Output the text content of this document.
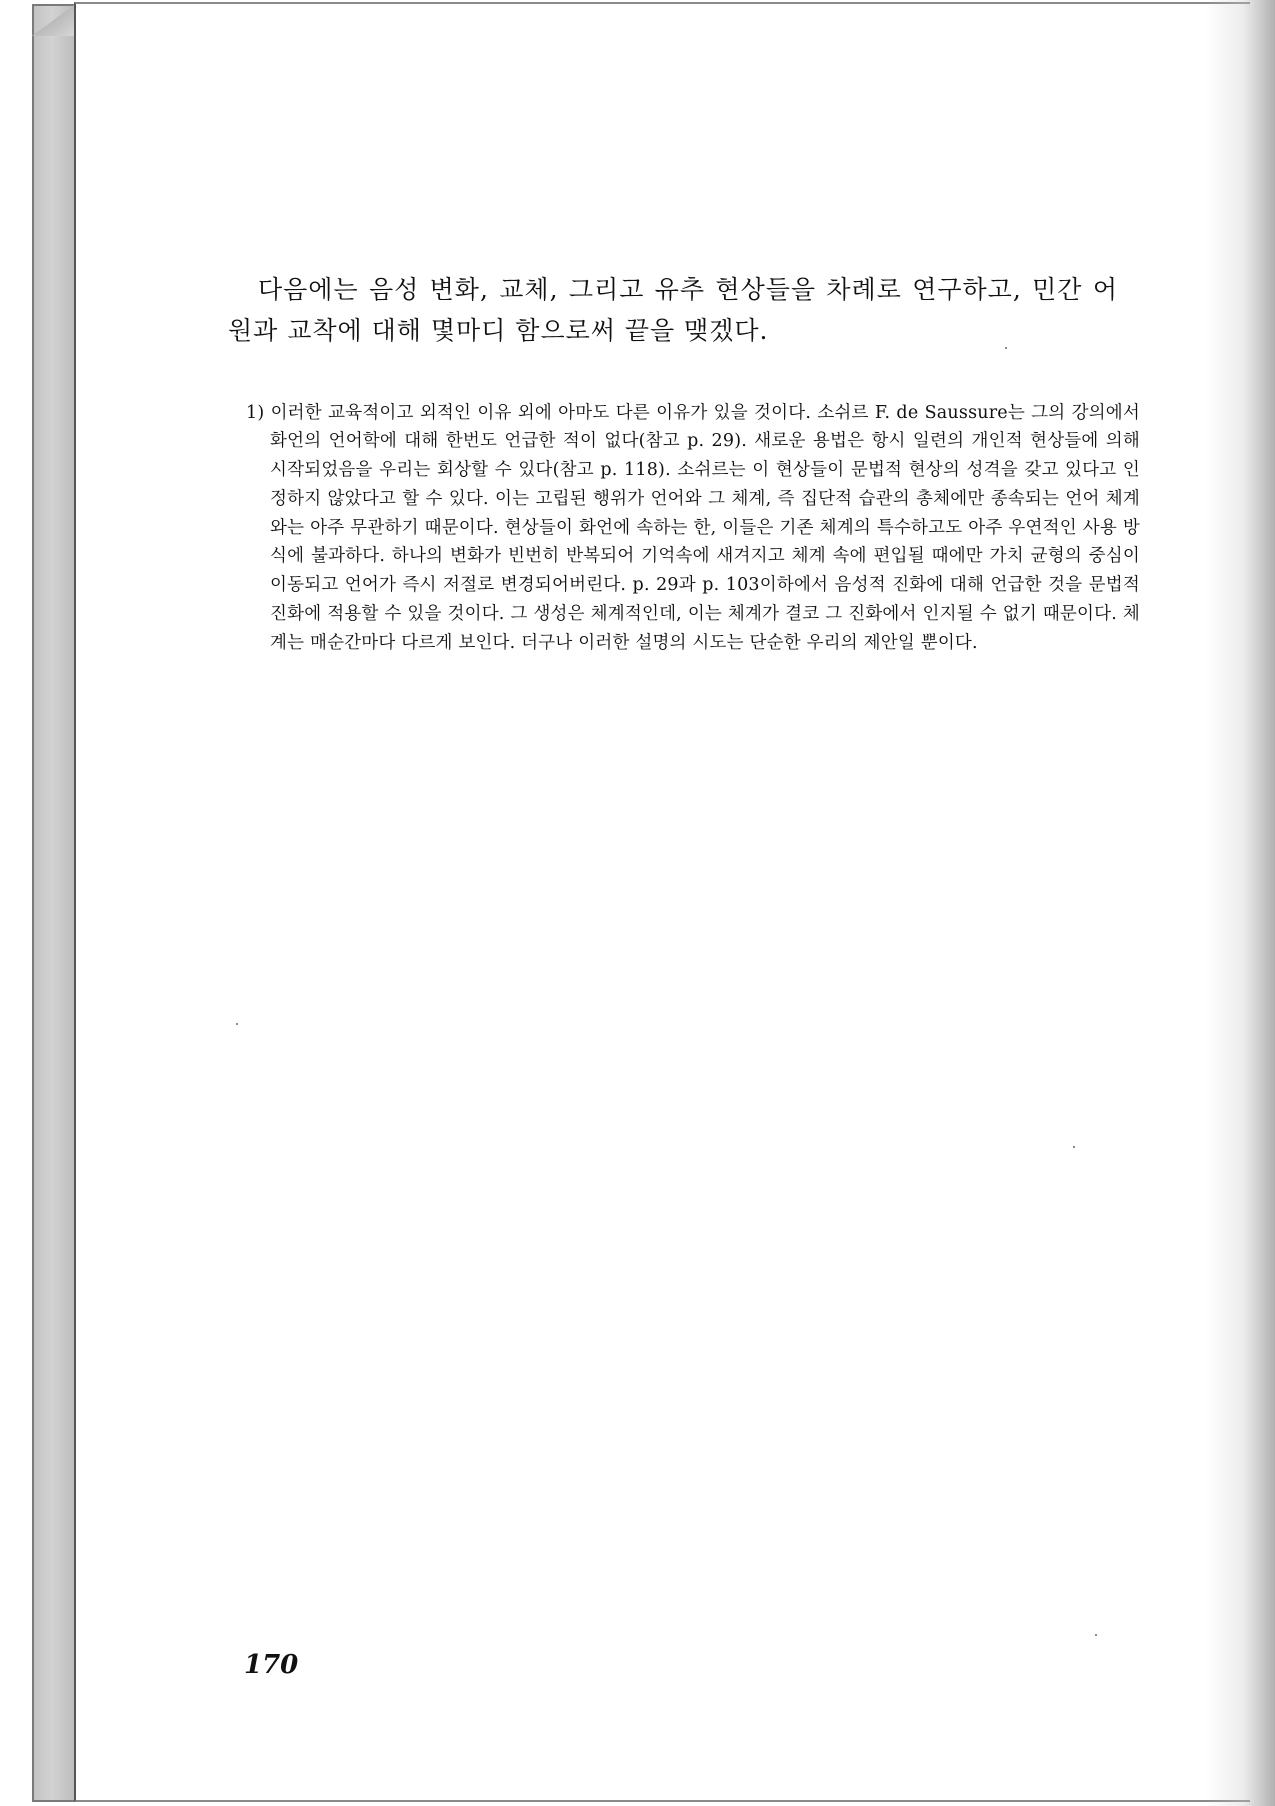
다음에는 음성 변화, 교체, 그리고 유추 현상들을 차례로 연구하고, 민간 어원과 교착에 대해 몇마디 함으로써 끝을 맺겠다.

1) 이러한 교육적이고 외적인 이유 외에 아마도 다른 이유가 있을 것이다. 소쉬르 F. de Saussure는 그의 강의에서 화언의 언어학에 대해 한번도 언급한 적이 없다(참고 p. 29). 새로운 용법은 항시 일련의 개인적 현상들에 의해 시작되었음을 우리는 회상할 수 있다(참고 p. 118). 소쉬르는 이 현상들이 문법적 현상의 성격을 갖고 있다고 인정하지 않았다고 할 수 있다. 이는 고립된 행위가 언어와 그 체계, 즉 집단적 습관의 총체에만 종속되는 언어 체계와는 아주 무관하기 때문이다. 현상들이 화언에 속하는 한, 이들은 기존 체계의 특수하고도 아주 우연적인 사용 방식에 불과하다. 하나의 변화가 빈번히 반복되어 기억속에 새겨지고 체계 속에 편입될 때에만 가치 균형의 중심이 이동되고 언어가 즉시 저절로 변경되어버린다. p. 29과 p. 103이하에서 음성적 진화에 대해 언급한 것을 문법적 진화에 적용할 수 있을 것이다. 그 생성은 체계적인데, 이는 체계가 결코 그 진화에서 인지될 수 없기 때문이다. 체계는 매순간마다 다르게 보인다. 더구나 이러한 설명의 시도는 단순한 우리의 제안일 뿐이다.

170
